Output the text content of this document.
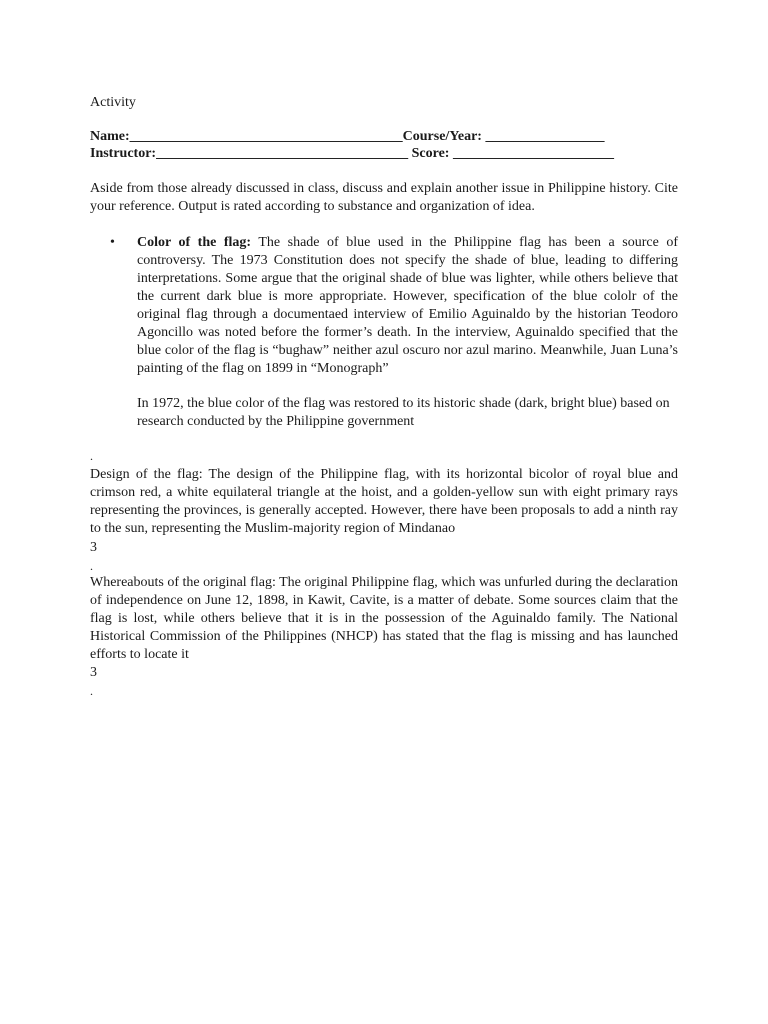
Activity
Name:_______________________________________Course/Year: _________________
Instructor:____________________________________ Score: _______________________
Aside from those already discussed in class, discuss and explain another issue in Philippine history. Cite your reference. Output is rated according to substance and organization of idea.
• Color of the flag: The shade of blue used in the Philippine flag has been a source of controversy. The 1973 Constitution does not specify the shade of blue, leading to differing interpretations. Some argue that the original shade of blue was lighter, while others believe that the current dark blue is more appropriate. However, specification of the blue cololr of the original flag through a documentaed interview of Emilio Aguinaldo by the historian Teodoro Agoncillo was noted before the former’s death. In the interview, Aguinaldo specified that the blue color of the flag is “bughaw” neither azul oscuro nor azul marino. Meanwhile, Juan Luna’s painting of the flag on 1899 in “Monograph”
In 1972, the blue color of the flag was restored to its historic shade (dark, bright blue) based on research conducted by the Philippine government
.
Design of the flag: The design of the Philippine flag, with its horizontal bicolor of royal blue and crimson red, a white equilateral triangle at the hoist, and a golden-yellow sun with eight primary rays representing the provinces, is generally accepted. However, there have been proposals to add a ninth ray to the sun, representing the Muslim-majority region of Mindanao
3
.
Whereabouts of the original flag: The original Philippine flag, which was unfurled during the declaration of independence on June 12, 1898, in Kawit, Cavite, is a matter of debate. Some sources claim that the flag is lost, while others believe that it is in the possession of the Aguinaldo family. The National Historical Commission of the Philippines (NHCP) has stated that the flag is missing and has launched efforts to locate it
3
.
